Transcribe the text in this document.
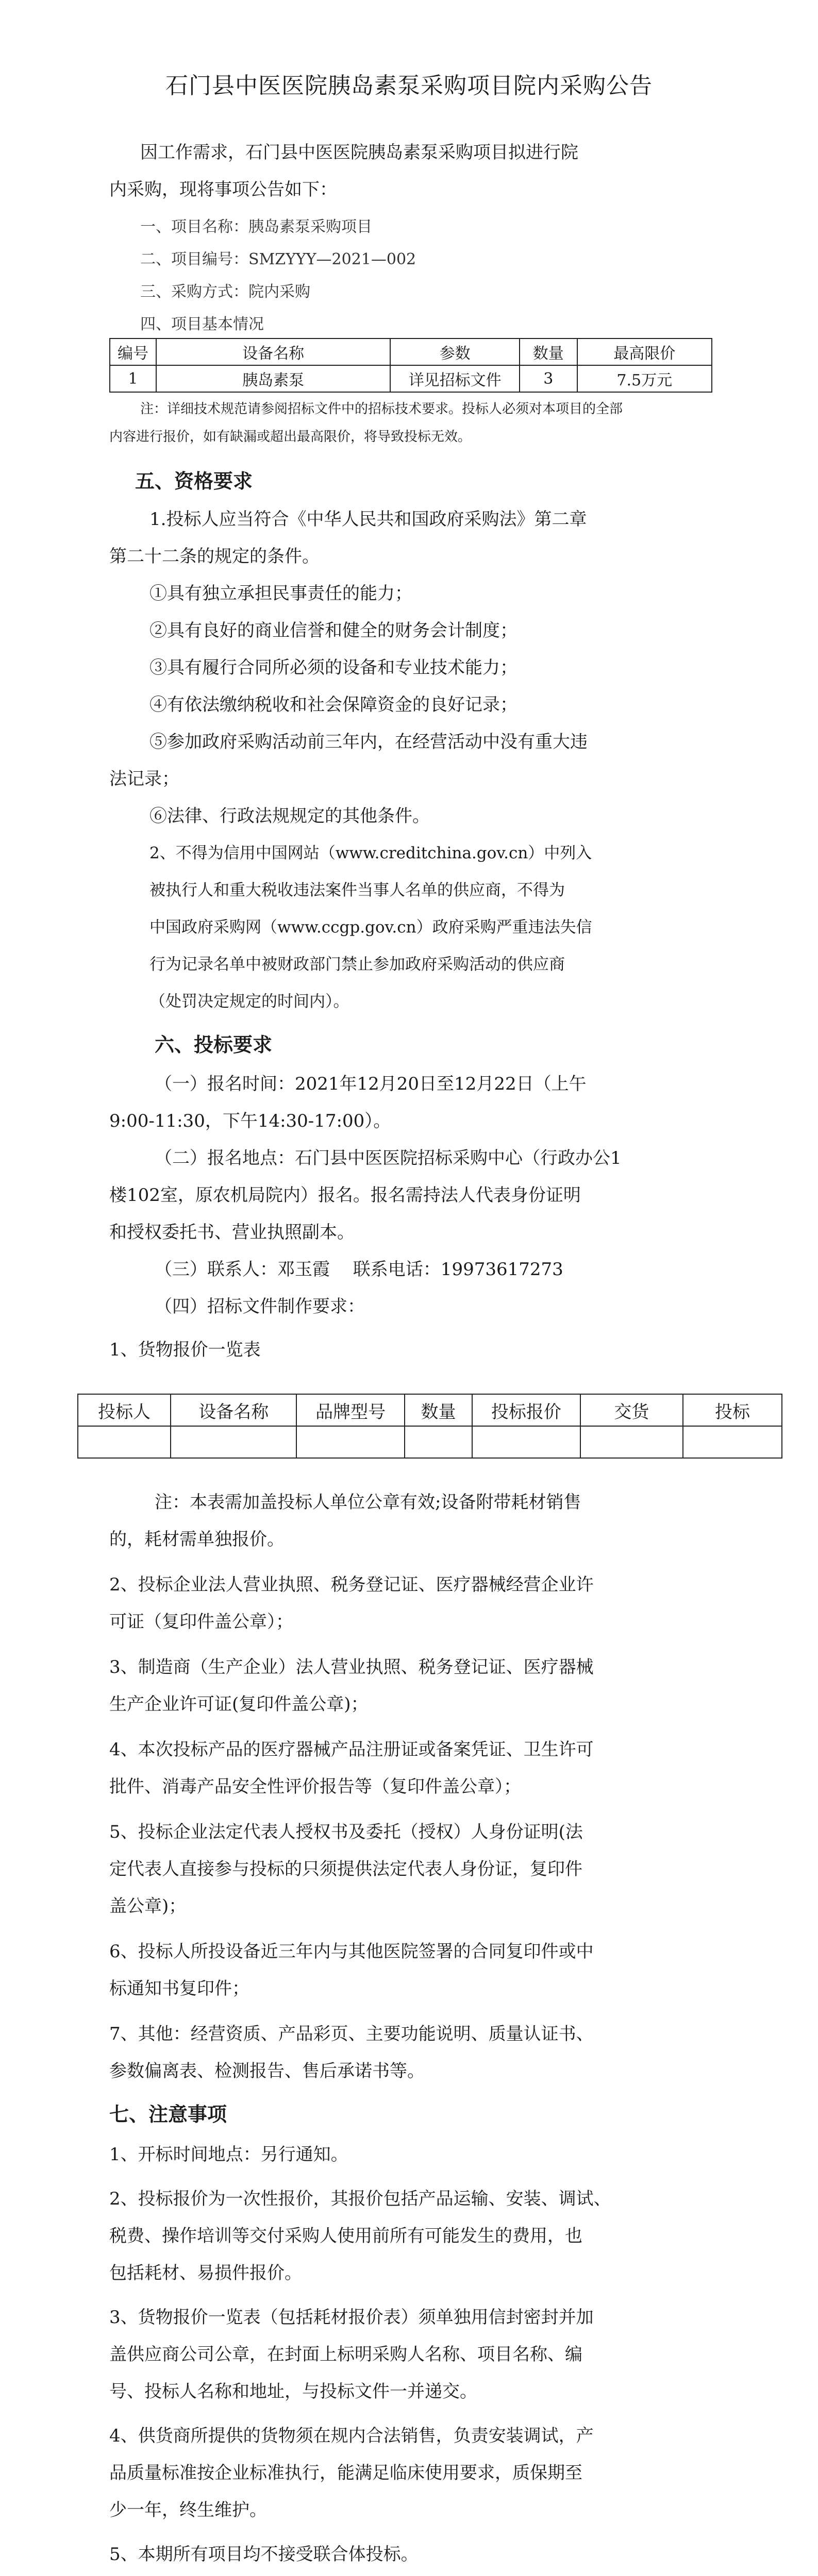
石门县中医医院胰岛素泵采购项目院内采购公告
因工作需求，石门县中医医院胰岛素泵采购项目拟进行院
内采购，现将事项公告如下：
一、项目名称：胰岛素泵采购项目
二、项目编号：SMZYYY—2021—002
三、采购方式：院内采购
四、项目基本情况
编号	设备名称	参数	数量	最高限价
1	胰岛素泵	详见招标文件	3	7.5万元
注：详细技术规范请参阅招标文件中的招标技术要求。投标人必须对本项目的全部
内容进行报价，如有缺漏或超出最高限价，将导致投标无效。
五、资格要求
1.投标人应当符合《中华人民共和国政府采购法》第二章
第二十二条的规定的条件。
①具有独立承担民事责任的能力；
②具有良好的商业信誉和健全的财务会计制度；
③具有履行合同所必须的设备和专业技术能力；
④有依法缴纳税收和社会保障资金的良好记录；
⑤参加政府采购活动前三年内，在经营活动中没有重大违
法记录；
⑥法律、行政法规规定的其他条件。
2、不得为信用中国网站（www.creditchina.gov.cn）中列入
被执行人和重大税收违法案件当事人名单的供应商，不得为
中国政府采购网（www.ccgp.gov.cn）政府采购严重违法失信
行为记录名单中被财政部门禁止参加政府采购活动的供应商
（处罚决定规定的时间内）。
六、投标要求
（一）报名时间：2021年12月20日至12月22日（上午
9:00-11:30，下午14:30-17:00）。
（二）报名地点：石门县中医医院招标采购中心（行政办公1
楼102室，原农机局院内）报名。报名需持法人代表身份证明
和授权委托书、营业执照副本。
（三）联系人：邓玉霞　 联系电话：19973617273
（四）招标文件制作要求：
1、货物报价一览表
投标人	设备名称	品牌型号	数量	投标报价	交货	投标

注：本表需加盖投标人单位公章有效;设备附带耗材销售
的，耗材需单独报价。
2、投标企业法人营业执照、税务登记证、医疗器械经营企业许
可证（复印件盖公章）；
3、制造商（生产企业）法人营业执照、税务登记证、医疗器械
生产企业许可证(复印件盖公章)；
4、本次投标产品的医疗器械产品注册证或备案凭证、卫生许可
批件、消毒产品安全性评价报告等（复印件盖公章）；
5、投标企业法定代表人授权书及委托（授权）人身份证明(法
定代表人直接参与投标的只须提供法定代表人身份证，复印件
盖公章)；
6、投标人所投设备近三年内与其他医院签署的合同复印件或中
标通知书复印件；
7、其他：经营资质、产品彩页、主要功能说明、质量认证书、
参数偏离表、检测报告、售后承诺书等。
七、注意事项
1、开标时间地点：另行通知。
2、投标报价为一次性报价，其报价包括产品运输、安装、调试、
税费、操作培训等交付采购人使用前所有可能发生的费用，也
包括耗材、易损件报价。
3、货物报价一览表（包括耗材报价表）须单独用信封密封并加
盖供应商公司公章，在封面上标明采购人名称、项目名称、编
号、投标人名称和地址，与投标文件一并递交。
4、供货商所提供的货物须在规内合法销售，负责安装调试，产
品质量标准按企业标准执行，能满足临床使用要求，质保期至
少一年，终生维护。
5、本期所有项目均不接受联合体投标。
